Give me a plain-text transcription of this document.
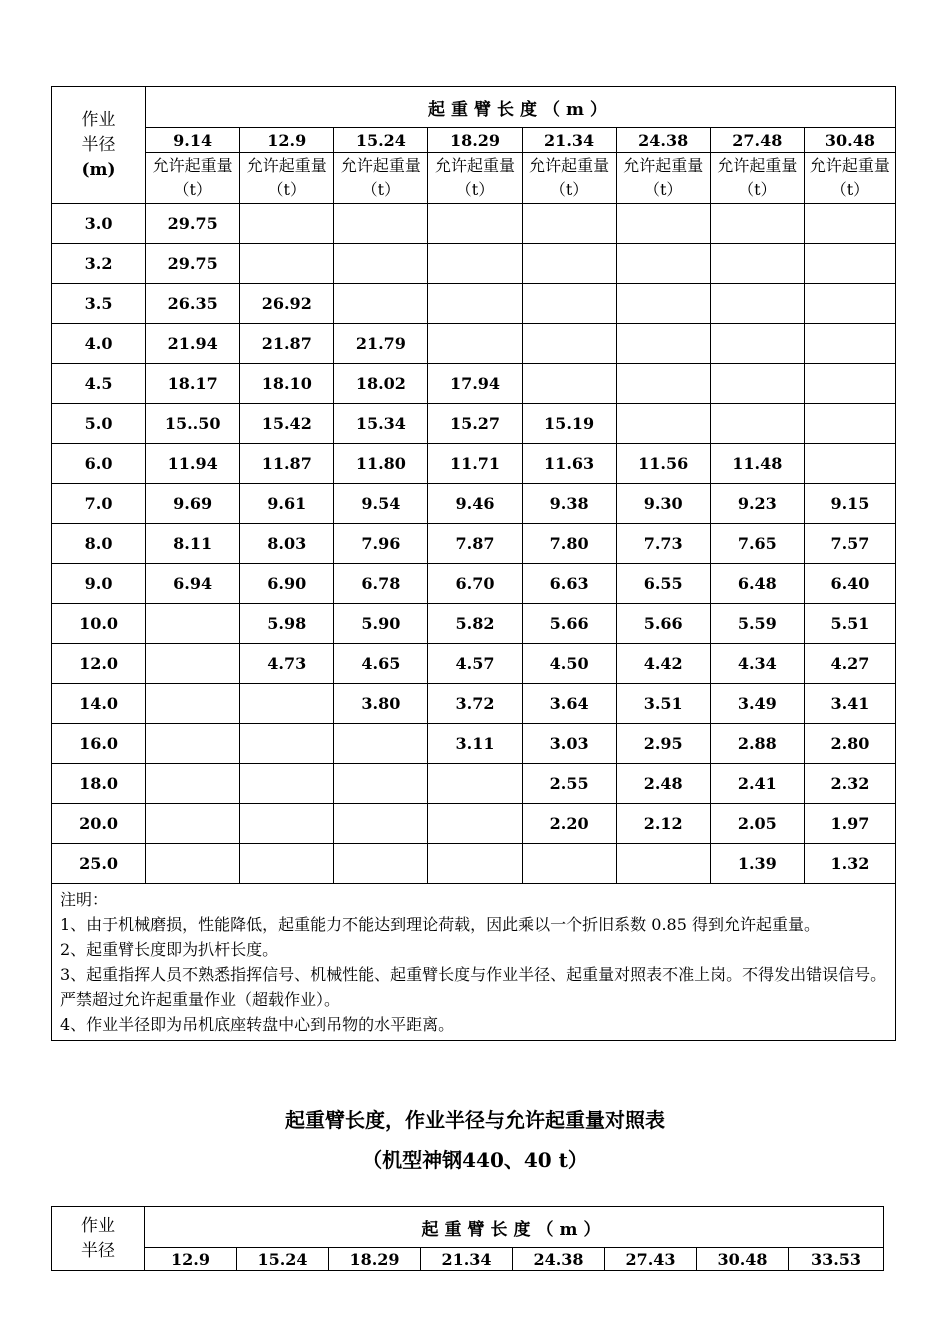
作业
半径
(m)	起重臂长度（m）							
	9.14	12.9	15.24	18.29	21.34	24.38	27.48	30.48
	允许起重量（t）	允许起重量（t）	允许起重量（t）	允许起重量（t）	允许起重量（t）	允许起重量（t）	允许起重量（t）	允许起重量（t）
3.0	29.75							
3.2	29.75							
3.5	26.35	26.92						
4.0	21.94	21.87	21.79					
4.5	18.17	18.10	18.02	17.94				
5.0	15..50	15.42	15.34	15.27	15.19			
6.0	11.94	11.87	11.80	11.71	11.63	11.56	11.48	
7.0	9.69	9.61	9.54	9.46	9.38	9.30	9.23	9.15
8.0	8.11	8.03	7.96	7.87	7.80	7.73	7.65	7.57
9.0	6.94	6.90	6.78	6.70	6.63	6.55	6.48	6.40
10.0		5.98	5.90	5.82	5.66	5.66	5.59	5.51
12.0		4.73	4.65	4.57	4.50	4.42	4.34	4.27
14.0			3.80	3.72	3.64	3.51	3.49	3.41
16.0				3.11	3.03	2.95	2.88	2.80
18.0					2.55	2.48	2.41	2.32
20.0					2.20	2.12	2.05	1.97
25.0							1.39	1.32

注明：
1、由于机械磨损，性能降低，起重能力不能达到理论荷载，因此乘以一个折旧系数 0.85 得到允许起重量。
2、起重臂长度即为扒杆长度。
3、起重指挥人员不熟悉指挥信号、机械性能、起重臂长度与作业半径、起重量对照表不准上岗。不得发出错误信号。严禁超过允许起重量作业（超载作业）。
4、作业半径即为吊机底座转盘中心到吊物的水平距离。								
起重臂长度，作业半径与允许起重量对照表
（机型神钢440、40 t）
作业
半径	起重臂长度（m）							
	12.9	15.24	18.29	21.34	24.38	27.43	30.48	33.53
